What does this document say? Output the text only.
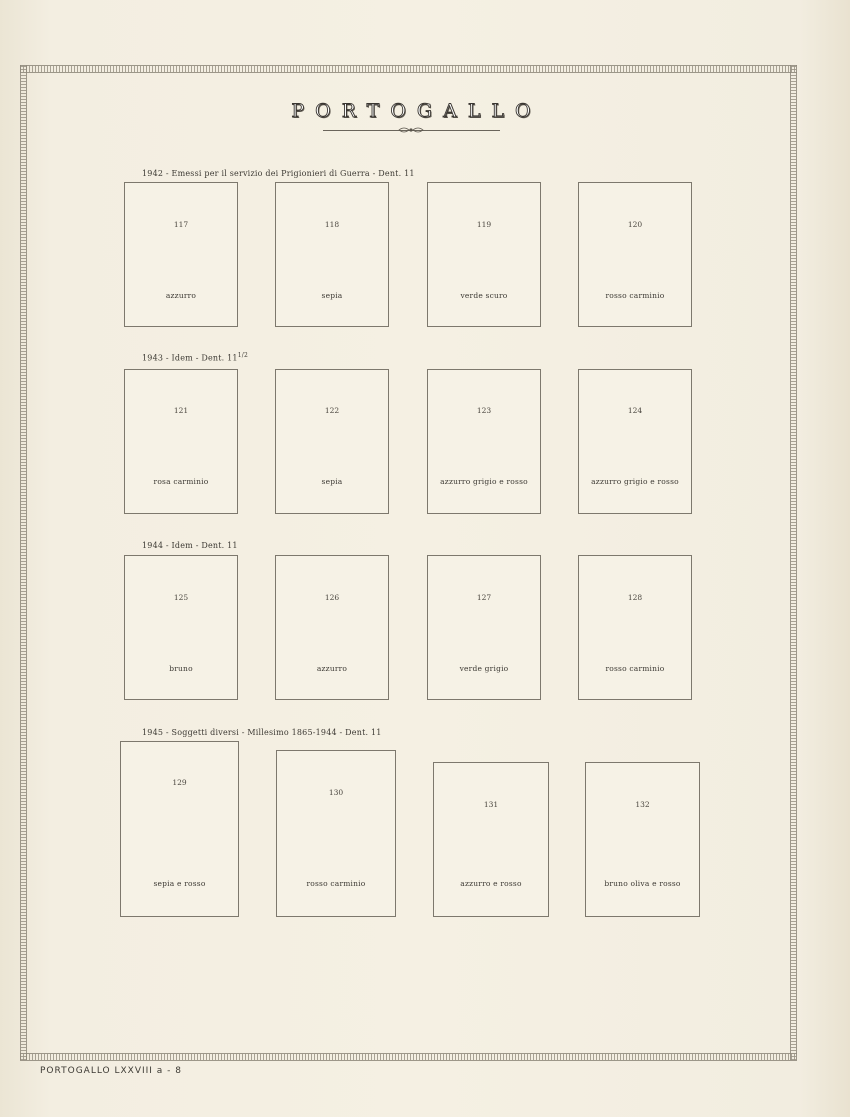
PORTOGALLO
1942 - Emessi per il servizio dei Prigionieri di Guerra - Dent. 11
117
azzurro
118
sepia
119
verde scuro
120
rosso carminio
1943 - Idem - Dent. $11^{1/2}$
121
rosa carminio
122
sepia
123
azzurro grigio e rosso
124
azzurro grigio e rosso
1944 - Idem - Dent. 11
125
bruno
126
azzurro
127
verde grigio
128
rosso carminio
1945 - Soggetti diversi - Millesimo 1865-1944 - Dent. 11
129
sepia e rosso
130
rosso carminio
131
azzurro e rosso
132
bruno oliva e rosso
PORTOGALLO LXXVIII a - 8
